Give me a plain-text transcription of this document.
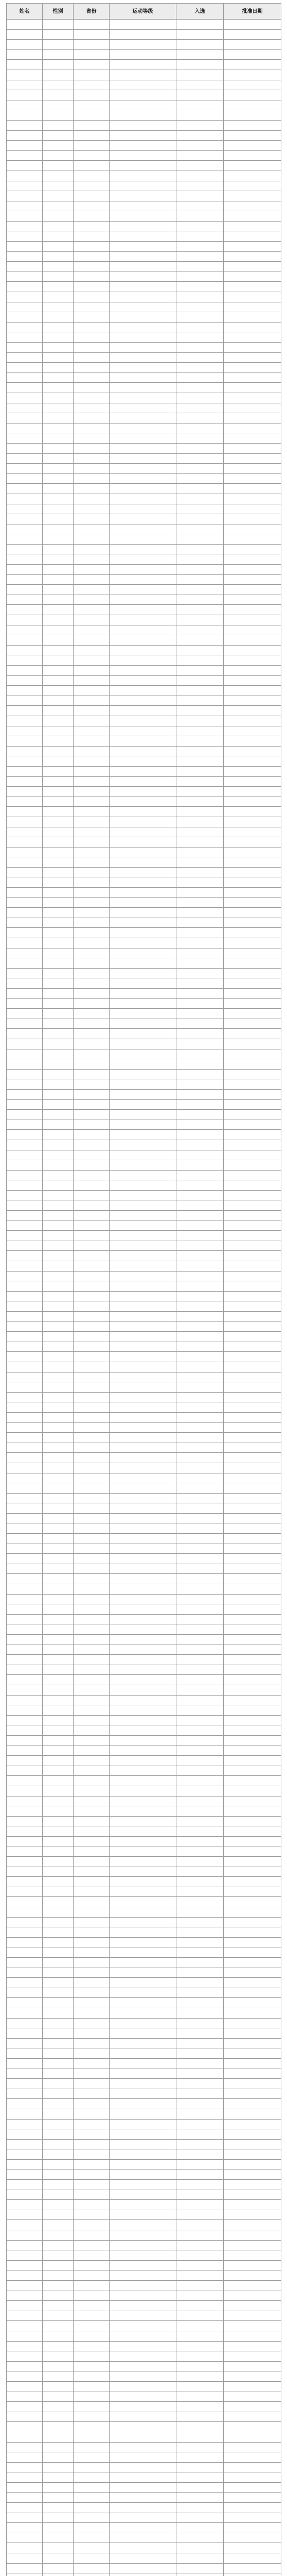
姓名	性别	省份	运动等级	入选	批准日期
